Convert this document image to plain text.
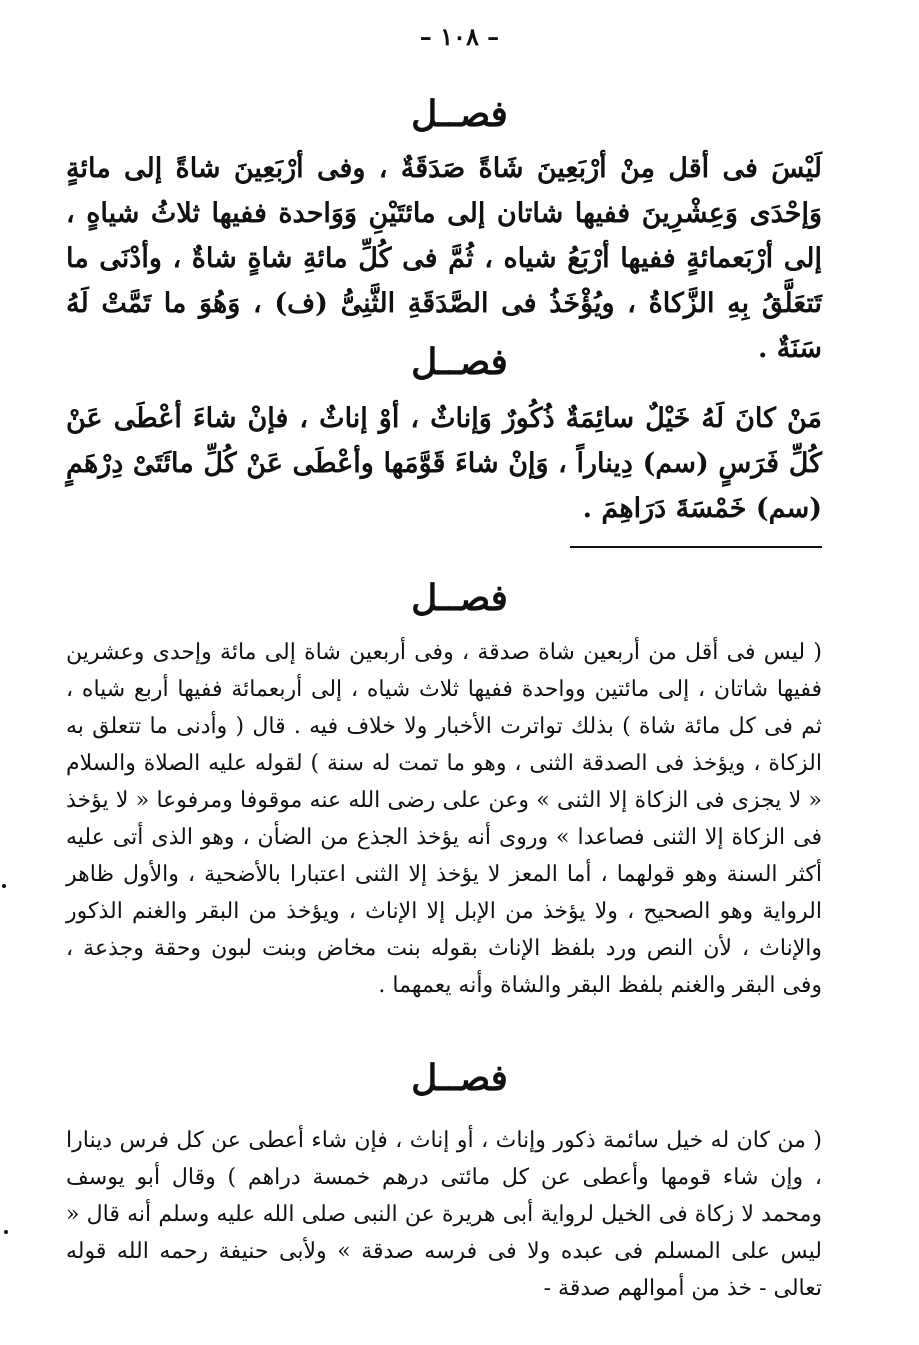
– ١٠٨ –
فصــل
لَيْسَ فى أقل مِنْ أرْبَعِينَ شَاةً صَدَقَةٌ ، وفى أرْبَعِينَ شاةً إلى مائةٍ وَإحْدَى وَعِشْرِينَ ففيها شاتان إلى مائتَيْنِ وَوَاحدة ففيها ثلاثُ شياهٍ ، إلى أرْبَعمائةٍ ففيها أرْبَعُ شياه ، ثُمَّ فى كُلِّ مائةِ شاةٍ شاةٌ ، وأدْنَى ما تَتعَلَّقُ بِهِ الزَّكاةُ ، ويُؤْخَذُ فى الصَّدَقَةِ الثَّنِىُّ (ف) ، وَهُوَ ما تَمَّتْ لَهُ سَنَةٌ .
فصــل
مَنْ كانَ لَهُ خَيْلٌ سائِمَةٌ ذُكُورٌ وَإناثٌ ، أوْ إناثٌ ، فإنْ شاءَ أعْطَى عَنْ كُلِّ فَرَسٍ (سم) دِيناراً ، وَإنْ شاءَ قَوَّمَها وأعْطَى عَنْ كُلِّ مائَتَىْ دِرْهَمٍ (سم) خَمْسَةَ دَرَاهِمَ .
فصــل
( ليس فى أقل من أربعين شاة صدقة ، وفى أربعين شاة إلى مائة وإحدى وعشرين ففيها شاتان ، إلى مائتين وواحدة ففيها ثلاث شياه ، إلى أربعمائة ففيها أربع شياه ، ثم فى كل مائة شاة ) بذلك تواترت الأخبار ولا خلاف فيه . قال ( وأدنى ما تتعلق به الزكاة ، ويؤخذ فى الصدقة الثنى ، وهو ما تمت له سنة ) لقوله عليه الصلاة والسلام « لا يجزى فى الزكاة إلا الثنى » وعن على رضى الله عنه موقوفا ومرفوعا « لا يؤخذ فى الزكاة إلا الثنى فصاعدا » وروى أنه يؤخذ الجذع من الضأن ، وهو الذى أتى عليه أكثر السنة وهو قولهما ، أما المعز لا يؤخذ إلا الثنى اعتبارا بالأضحية ، والأول ظاهر الرواية وهو الصحيح ، ولا يؤخذ من الإبل إلا الإناث ، ويؤخذ من البقر والغنم الذكور والإناث ، لأن النص ورد بلفظ الإناث بقوله بنت مخاض وبنت لبون وحقة وجذعة ، وفى البقر والغنم بلفظ البقر والشاة وأنه يعمهما .
فصــل
( من كان له خيل سائمة ذكور وإناث ، أو إناث ، فإن شاء أعطى عن كل فرس دينارا ، وإن شاء قومها وأعطى عن كل مائتى درهم خمسة دراهم ) وقال أبو يوسف ومحمد لا زكاة فى الخيل لرواية أبى هريرة عن النبى صلى الله عليه وسلم أنه قال « ليس على المسلم فى عبده ولا فى فرسه صدقة » ولأبى حنيفة رحمه الله قوله تعالى - خذ من أموالهم صدقة -
